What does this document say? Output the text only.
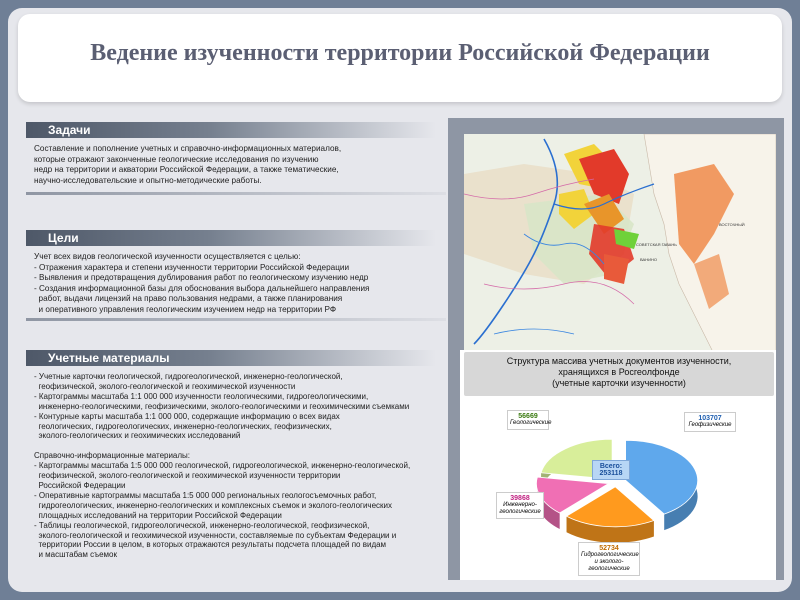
Ведение изученности территории Российской Федерации
Задачи
Составление и пополнение учетных и справочно-информационных материалов,
которые отражают законченные геологические исследования по изучению
недр на территории и акватории Российской Федерации, а также тематические,
научно-исследовательские и опытно-методические работы.
Цели
Учет всех видов геологической изученности осуществляется с целью:
- Отражения характера и степени изученности территории Российской Федерации
- Выявления и предотвращения дублирования работ по геологическому изучению недр
- Создания информационной базы для обоснования выбора дальнейшего направления
работ, выдачи лицензий на право пользования недрами, а также планирования
и оперативного управления геологическим изучением недр на территории РФ
Учетные материалы
- Учетные карточки геологической, гидрогеологической, инженерно-геологической,
геофизической, эколого-геологической и геохимической изученности
- Картограммы масштаба 1:1 000 000 изученности геологическими, гидрогеологическими,
инженерно-геологическими, геофизическими, эколого-геологическими и геохимическими съемками
- Контурные карты масштаба 1:1 000 000, содержащие информацию о всех видах
геологических, гидрогеологических, инженерно-геологических, геофизических,
эколого-геологических и геохимических исследований

Справочно-информационные материалы:
- Картограммы масштаба 1:5 000 000 геологической, гидрогеологической, инженерно-геологической,
геофизической, эколого-геологической и геохимической изученности территории
Российской Федерации
- Оперативные картограммы масштаба 1:5 000 000 региональных геологосъемочных работ,
гидрогеологических, инженерно-геологических и комплексных съемок и эколого-геологических
площадных исследований на территории Российской Федерации
- Таблицы геологической, гидрогеологической, инженерно-геологической, геофизической,
эколого-геологической и геохимической изученности, составляемые по субъектам Федерации и
территории России в целом, в которых отражаются результаты подсчета площадей по видам
и масштабам съемок
ВОСТОЧНЫЙ
СОВЕТСКАЯ ГАВАНЬ
ВАНИНО
Структура массива учетных документов изученности,
хранящихся в Росгеолфонде
(учетные карточки изученности)
56669
Геологические
103707
Геофизические
39868
Инженерно-геологические
52734
Гидрогеологические и эколого-геологические
Всего:
253118
